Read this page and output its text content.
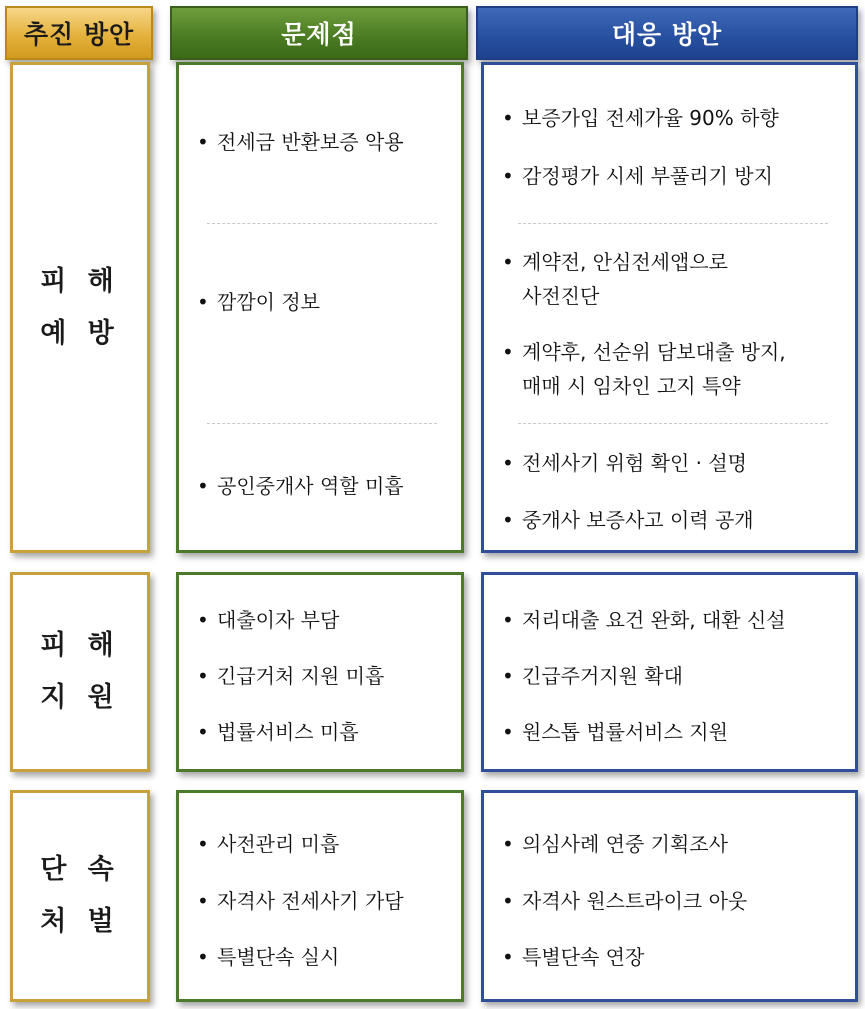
추진 방안	문제점	대응 방안
피 해
예 방
• 전세금 반환보증 악용
• 깜깜이 정보
• 공인중개사 역할 미흡
• 보증가입 전세가율 90% 하향
• 감정평가 시세 부풀리기 방지
• 계약전, 안심전세앱으로
사전진단
• 계약후, 선순위 담보대출 방지,
매매 시 임차인 고지 특약
• 전세사기 위험 확인 · 설명
• 중개사 보증사고 이력 공개
피 해
지 원
• 대출이자 부담
• 긴급거처 지원 미흡
• 법률서비스 미흡
• 저리대출 요건 완화, 대환 신설
• 긴급주거지원 확대
• 원스톱 법률서비스 지원
단 속
처 벌
• 사전관리 미흡
• 자격사 전세사기 가담
• 특별단속 실시
• 의심사례 연중 기획조사
• 자격사 원스트라이크 아웃
• 특별단속 연장
